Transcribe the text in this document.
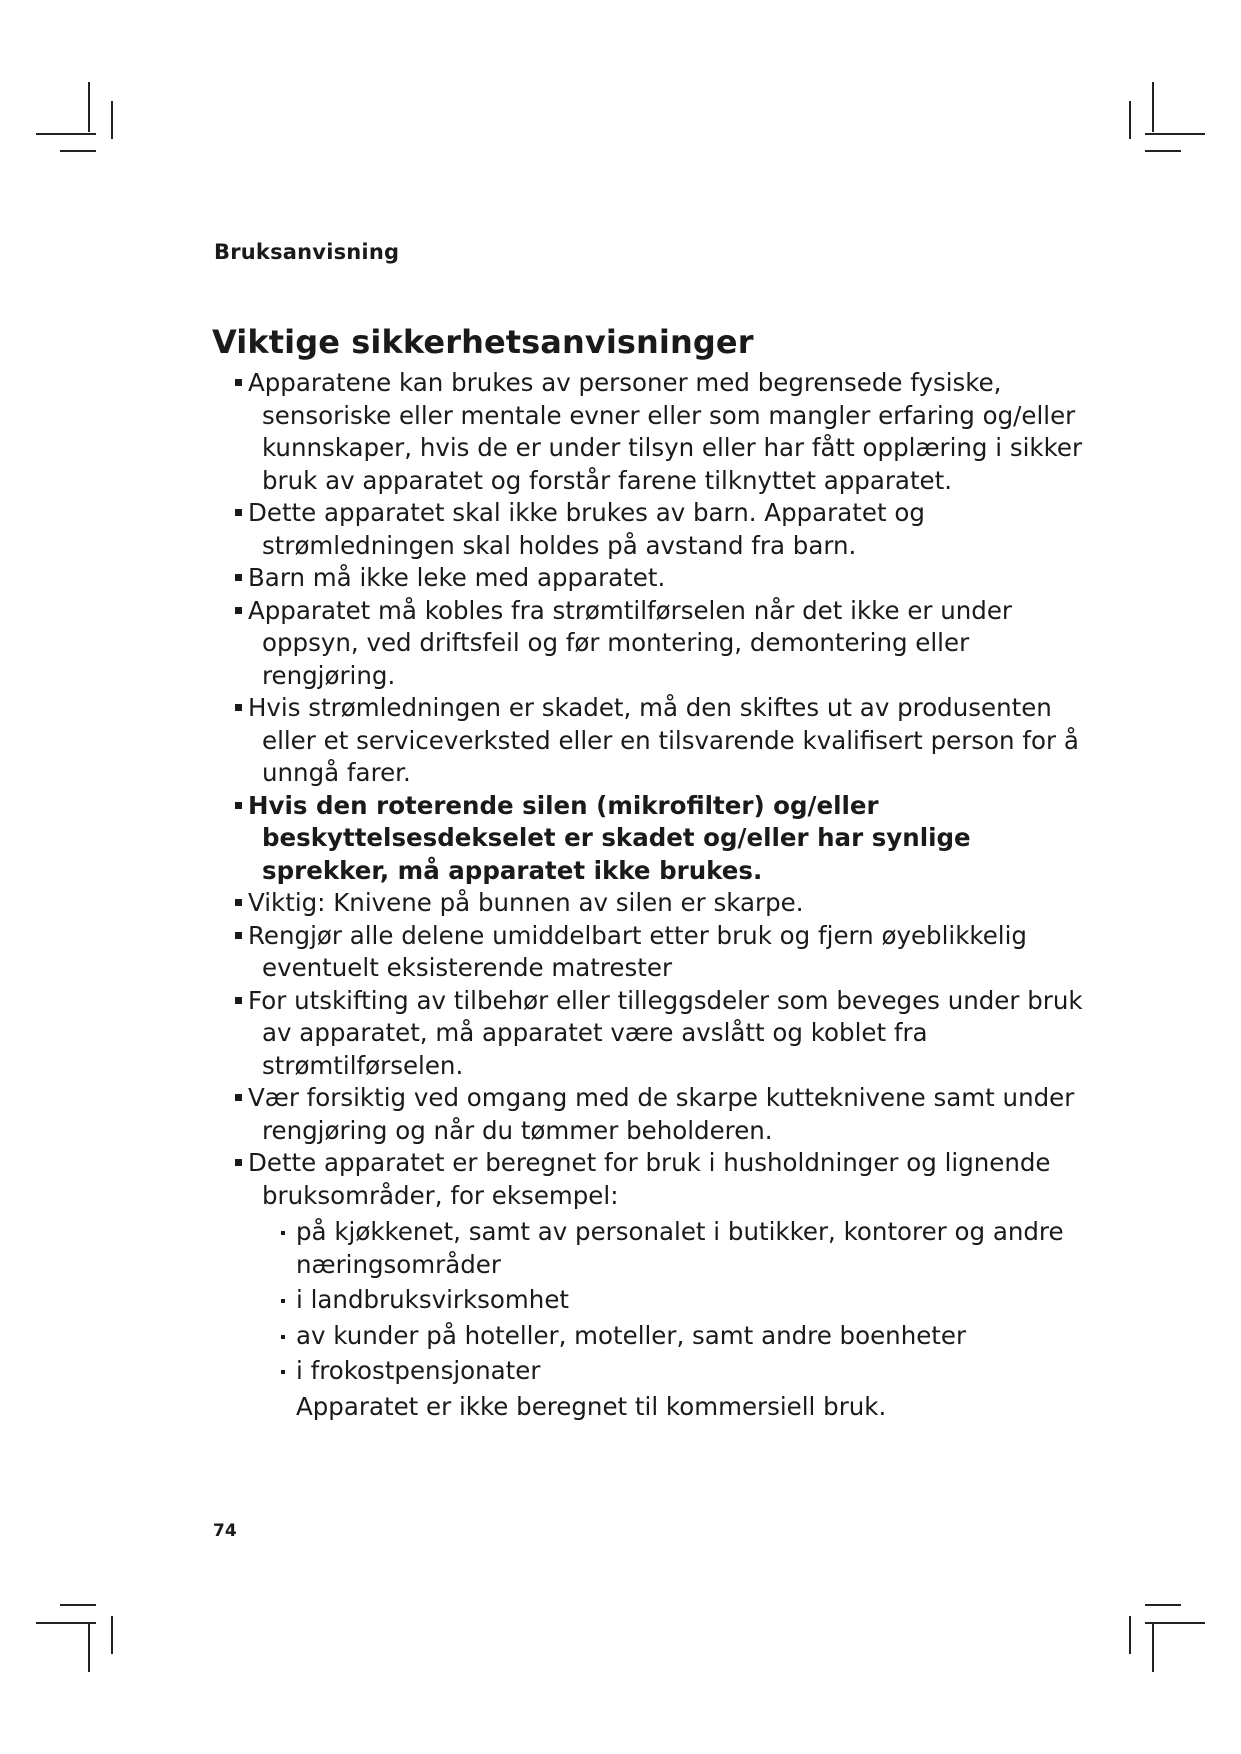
Bruksanvisning
Viktige sikkerhetsanvisninger
Apparatene kan brukes av personer med begrensede fysiske, sensoriske eller mentale evner eller som mangler erfaring og/eller kunnskaper, hvis de er under tilsyn eller har fått opplæring i sikker bruk av apparatet og forstår farene tilknyttet apparatet.
Dette apparatet skal ikke brukes av barn. Apparatet og strømledningen skal holdes på avstand fra barn.
Barn må ikke leke med apparatet.
Apparatet må kobles fra strømtilførselen når det ikke er under oppsyn, ved driftsfeil og før montering, demontering eller rengjøring.
Hvis strømledningen er skadet, må den skiftes ut av produsenten eller et serviceverksted eller en tilsvarende kvalifisert person for å unngå farer.
Hvis den roterende silen (mikrofilter) og/eller beskyttelsesdekselet er skadet og/eller har synlige sprekker, må apparatet ikke brukes.
Viktig: Knivene på bunnen av silen er skarpe.
Rengjør alle delene umiddelbart etter bruk og fjern øyeblikkelig eventuelt eksisterende matrester
For utskifting av tilbehør eller tilleggsdeler som beveges under bruk av apparatet, må apparatet være avslått og koblet fra strømtilførselen.
Vær forsiktig ved omgang med de skarpe kutteknivene samt under rengjøring og når du tømmer beholderen.
Dette apparatet er beregnet for bruk i husholdninger og lignende bruksområder, for eksempel:
på kjøkkenet, samt av personalet i butikker, kontorer og andre næringsområder
i landbruksvirksomhet
av kunder på hoteller, moteller, samt andre boenheter
i frokostpensjonater
Apparatet er ikke beregnet til kommersiell bruk.
74
